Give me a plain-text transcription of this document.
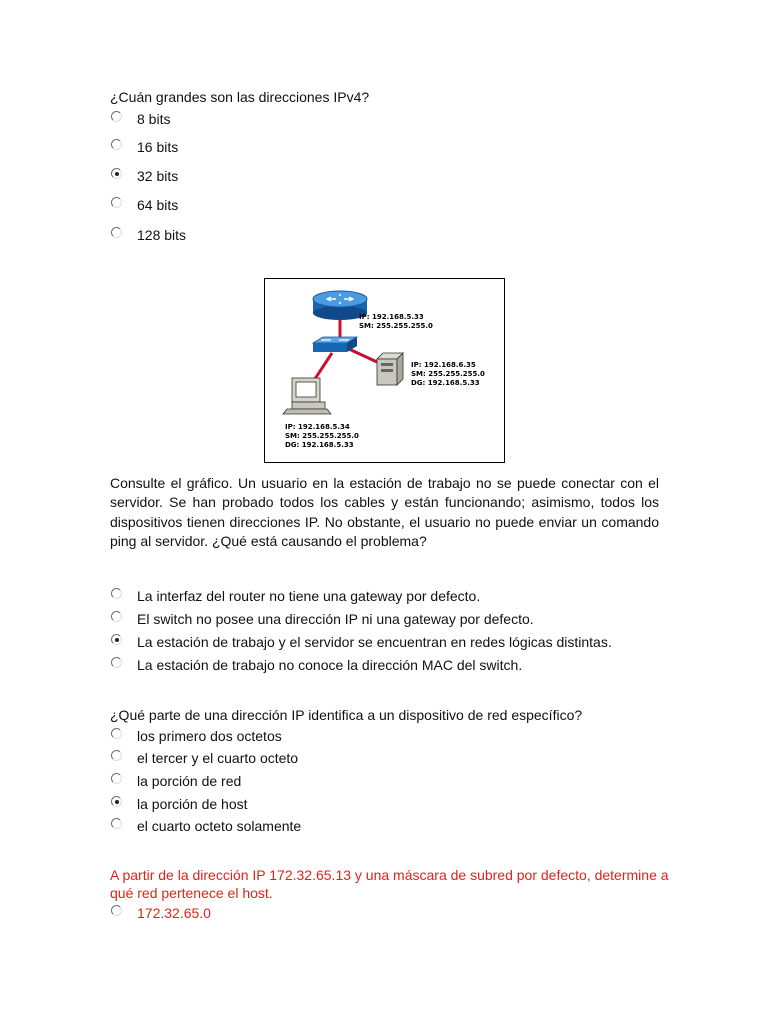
¿Cuán grandes son las direcciones IPv4?
8 bits
16 bits
32 bits
64 bits
128 bits
IP: 192.168.5.33
SM: 255.255.255.0
IP: 192.168.6.35
SM: 255.255.255.0
DG: 192.168.5.33
IP: 192.168.5.34
SM: 255.255.255.0
DG: 192.168.5.33
Consulte el gráfico. Un usuario en la estación de trabajo no se puede conectar con el servidor. Se han probado todos los cables y están funcionando; asimismo, todos los dispositivos tienen direcciones IP. No obstante, el usuario no puede enviar un comando ping al servidor. ¿Qué está causando el problema?
La interfaz del router no tiene una gateway por defecto.
El switch no posee una dirección IP ni una gateway por defecto.
La estación de trabajo y el servidor se encuentran en redes lógicas distintas.
La estación de trabajo no conoce la dirección MAC del switch.
¿Qué parte de una dirección IP identifica a un dispositivo de red específico?
los primero dos octetos
el tercer y el cuarto octeto
la porción de red
la porción de host
el cuarto octeto solamente
A partir de la dirección IP 172.32.65.13 y una máscara de subred por defecto, determine a qué red pertenece el host.
172.32.65.0
